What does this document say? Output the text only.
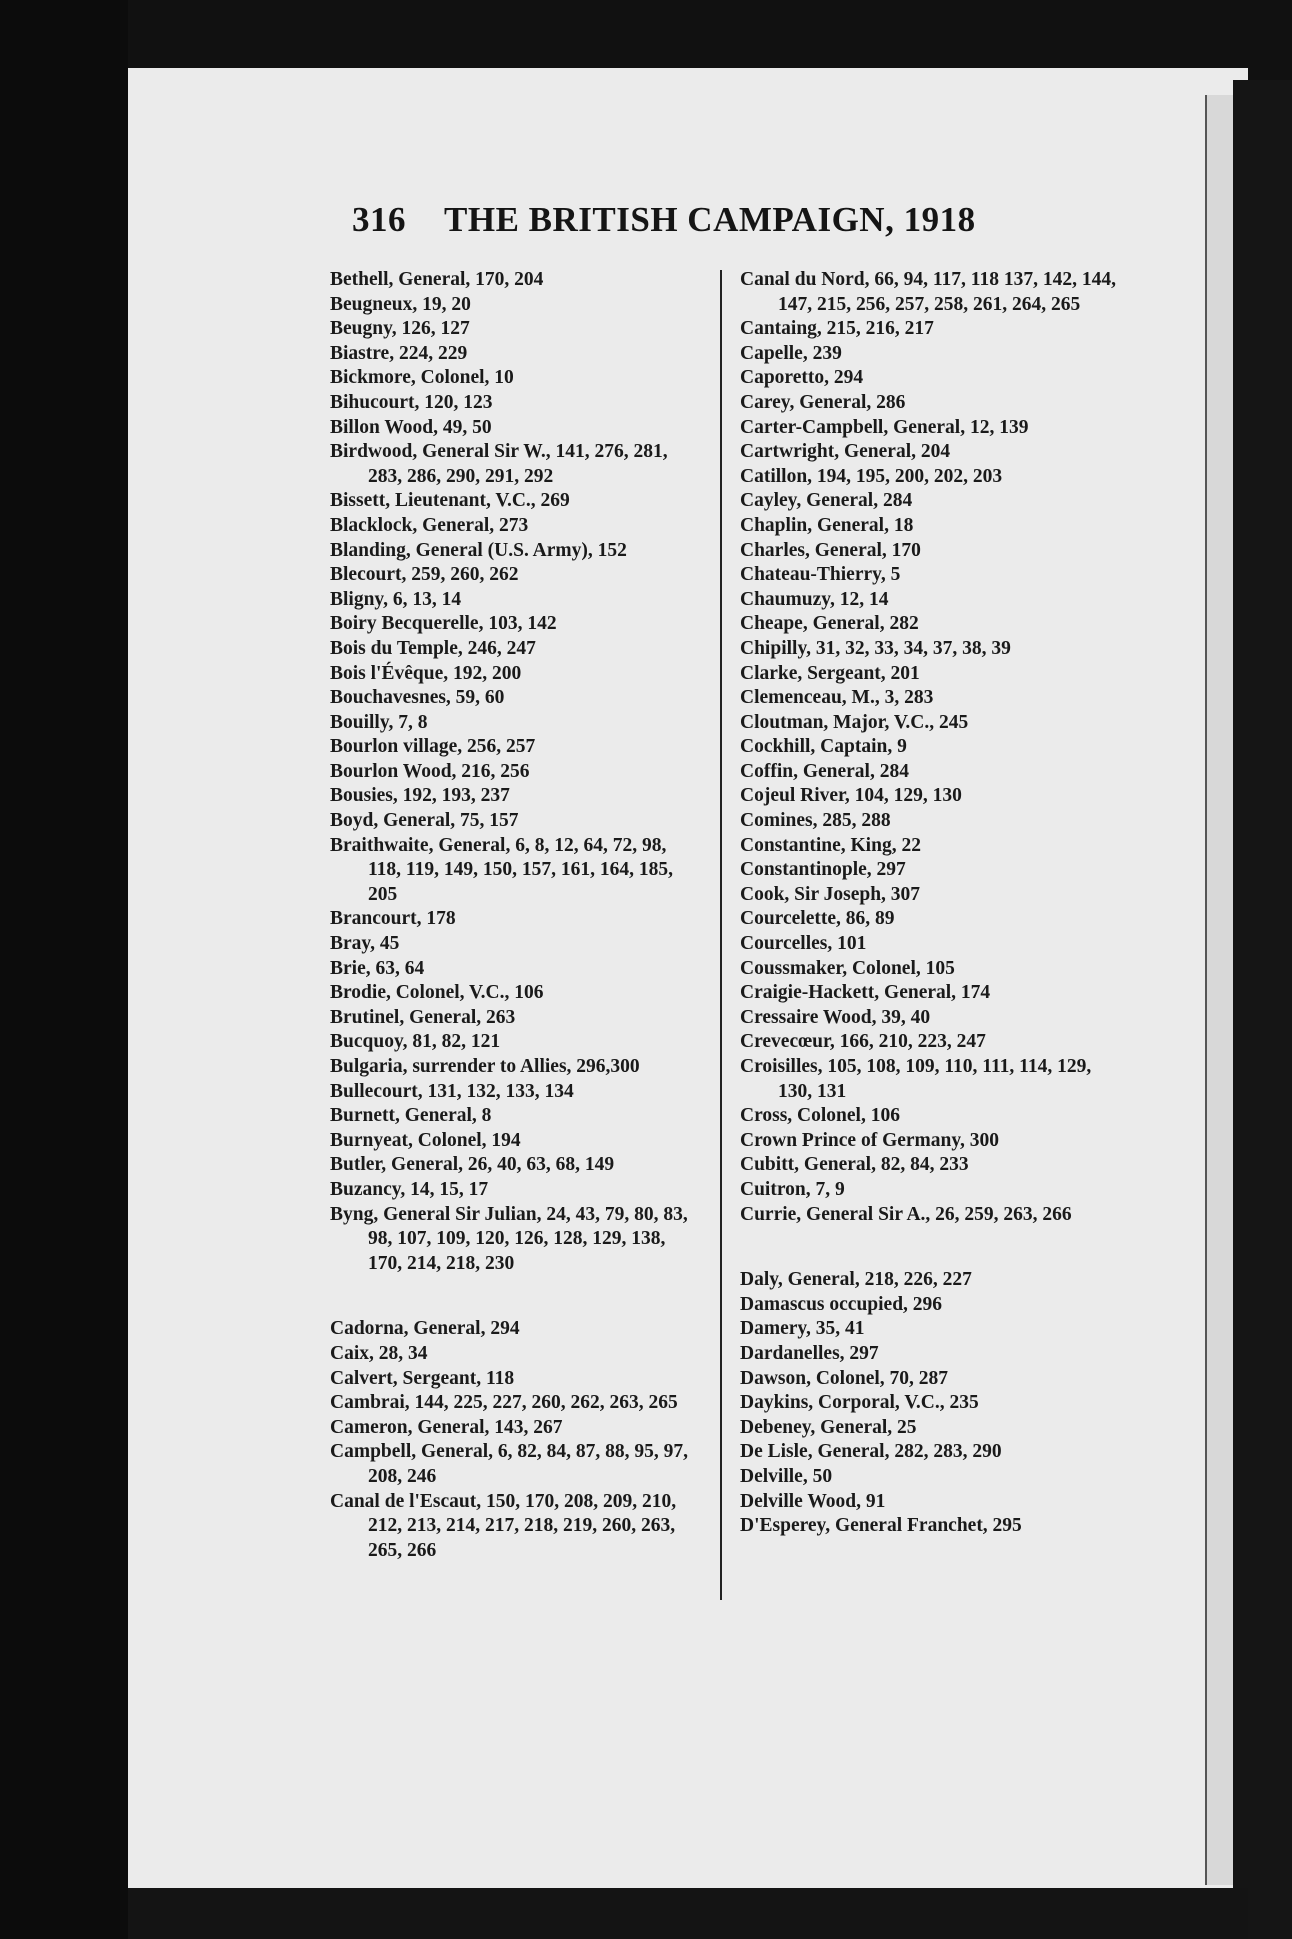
316 THE BRITISH CAMPAIGN, 1918
Bethell, General, 170, 204
Beugneux, 19, 20
Beugny, 126, 127
Biastre, 224, 229
Bickmore, Colonel, 10
Bihucourt, 120, 123
Billon Wood, 49, 50
Birdwood, General Sir W., 141, 276, 281, 283, 286, 290, 291, 292
Bissett, Lieutenant, V.C., 269
Blacklock, General, 273
Blanding, General (U.S. Army), 152
Blecourt, 259, 260, 262
Bligny, 6, 13, 14
Boiry Becquerelle, 103, 142
Bois du Temple, 246, 247
Bois l'Évêque, 192, 200
Bouchavesnes, 59, 60
Bouilly, 7, 8
Bourlon village, 256, 257
Bourlon Wood, 216, 256
Bousies, 192, 193, 237
Boyd, General, 75, 157
Braithwaite, General, 6, 8, 12, 64, 72, 98, 118, 119, 149, 150, 157, 161, 164, 185, 205
Brancourt, 178
Bray, 45
Brie, 63, 64
Brodie, Colonel, V.C., 106
Brutinel, General, 263
Bucquoy, 81, 82, 121
Bulgaria, surrender to Allies, 296,300
Bullecourt, 131, 132, 133, 134
Burnett, General, 8
Burnyeat, Colonel, 194
Butler, General, 26, 40, 63, 68, 149
Buzancy, 14, 15, 17
Byng, General Sir Julian, 24, 43, 79, 80, 83, 98, 107, 109, 120, 126, 128, 129, 138, 170, 214, 218, 230
Cadorna, General, 294
Caix, 28, 34
Calvert, Sergeant, 118
Cambrai, 144, 225, 227, 260, 262, 263, 265
Cameron, General, 143, 267
Campbell, General, 6, 82, 84, 87, 88, 95, 97, 208, 246
Canal de l'Escaut, 150, 170, 208, 209, 210, 212, 213, 214, 217, 218, 219, 260, 263, 265, 266
Canal du Nord, 66, 94, 117, 118 137, 142, 144, 147, 215, 256, 257, 258, 261, 264, 265
Cantaing, 215, 216, 217
Capelle, 239
Caporetto, 294
Carey, General, 286
Carter-Campbell, General, 12, 139
Cartwright, General, 204
Catillon, 194, 195, 200, 202, 203
Cayley, General, 284
Chaplin, General, 18
Charles, General, 170
Chateau-Thierry, 5
Chaumuzy, 12, 14
Cheape, General, 282
Chipilly, 31, 32, 33, 34, 37, 38, 39
Clarke, Sergeant, 201
Clemenceau, M., 3, 283
Cloutman, Major, V.C., 245
Cockhill, Captain, 9
Coffin, General, 284
Cojeul River, 104, 129, 130
Comines, 285, 288
Constantine, King, 22
Constantinople, 297
Cook, Sir Joseph, 307
Courcelette, 86, 89
Courcelles, 101
Coussmaker, Colonel, 105
Craigie-Hackett, General, 174
Cressaire Wood, 39, 40
Crevecœur, 166, 210, 223, 247
Croisilles, 105, 108, 109, 110, 111, 114, 129, 130, 131
Cross, Colonel, 106
Crown Prince of Germany, 300
Cubitt, General, 82, 84, 233
Cuitron, 7, 9
Currie, General Sir A., 26, 259, 263, 266
Daly, General, 218, 226, 227
Damascus occupied, 296
Damery, 35, 41
Dardanelles, 297
Dawson, Colonel, 70, 287
Daykins, Corporal, V.C., 235
Debeney, General, 25
De Lisle, General, 282, 283, 290
Delville, 50
Delville Wood, 91
D'Esperey, General Franchet, 295
